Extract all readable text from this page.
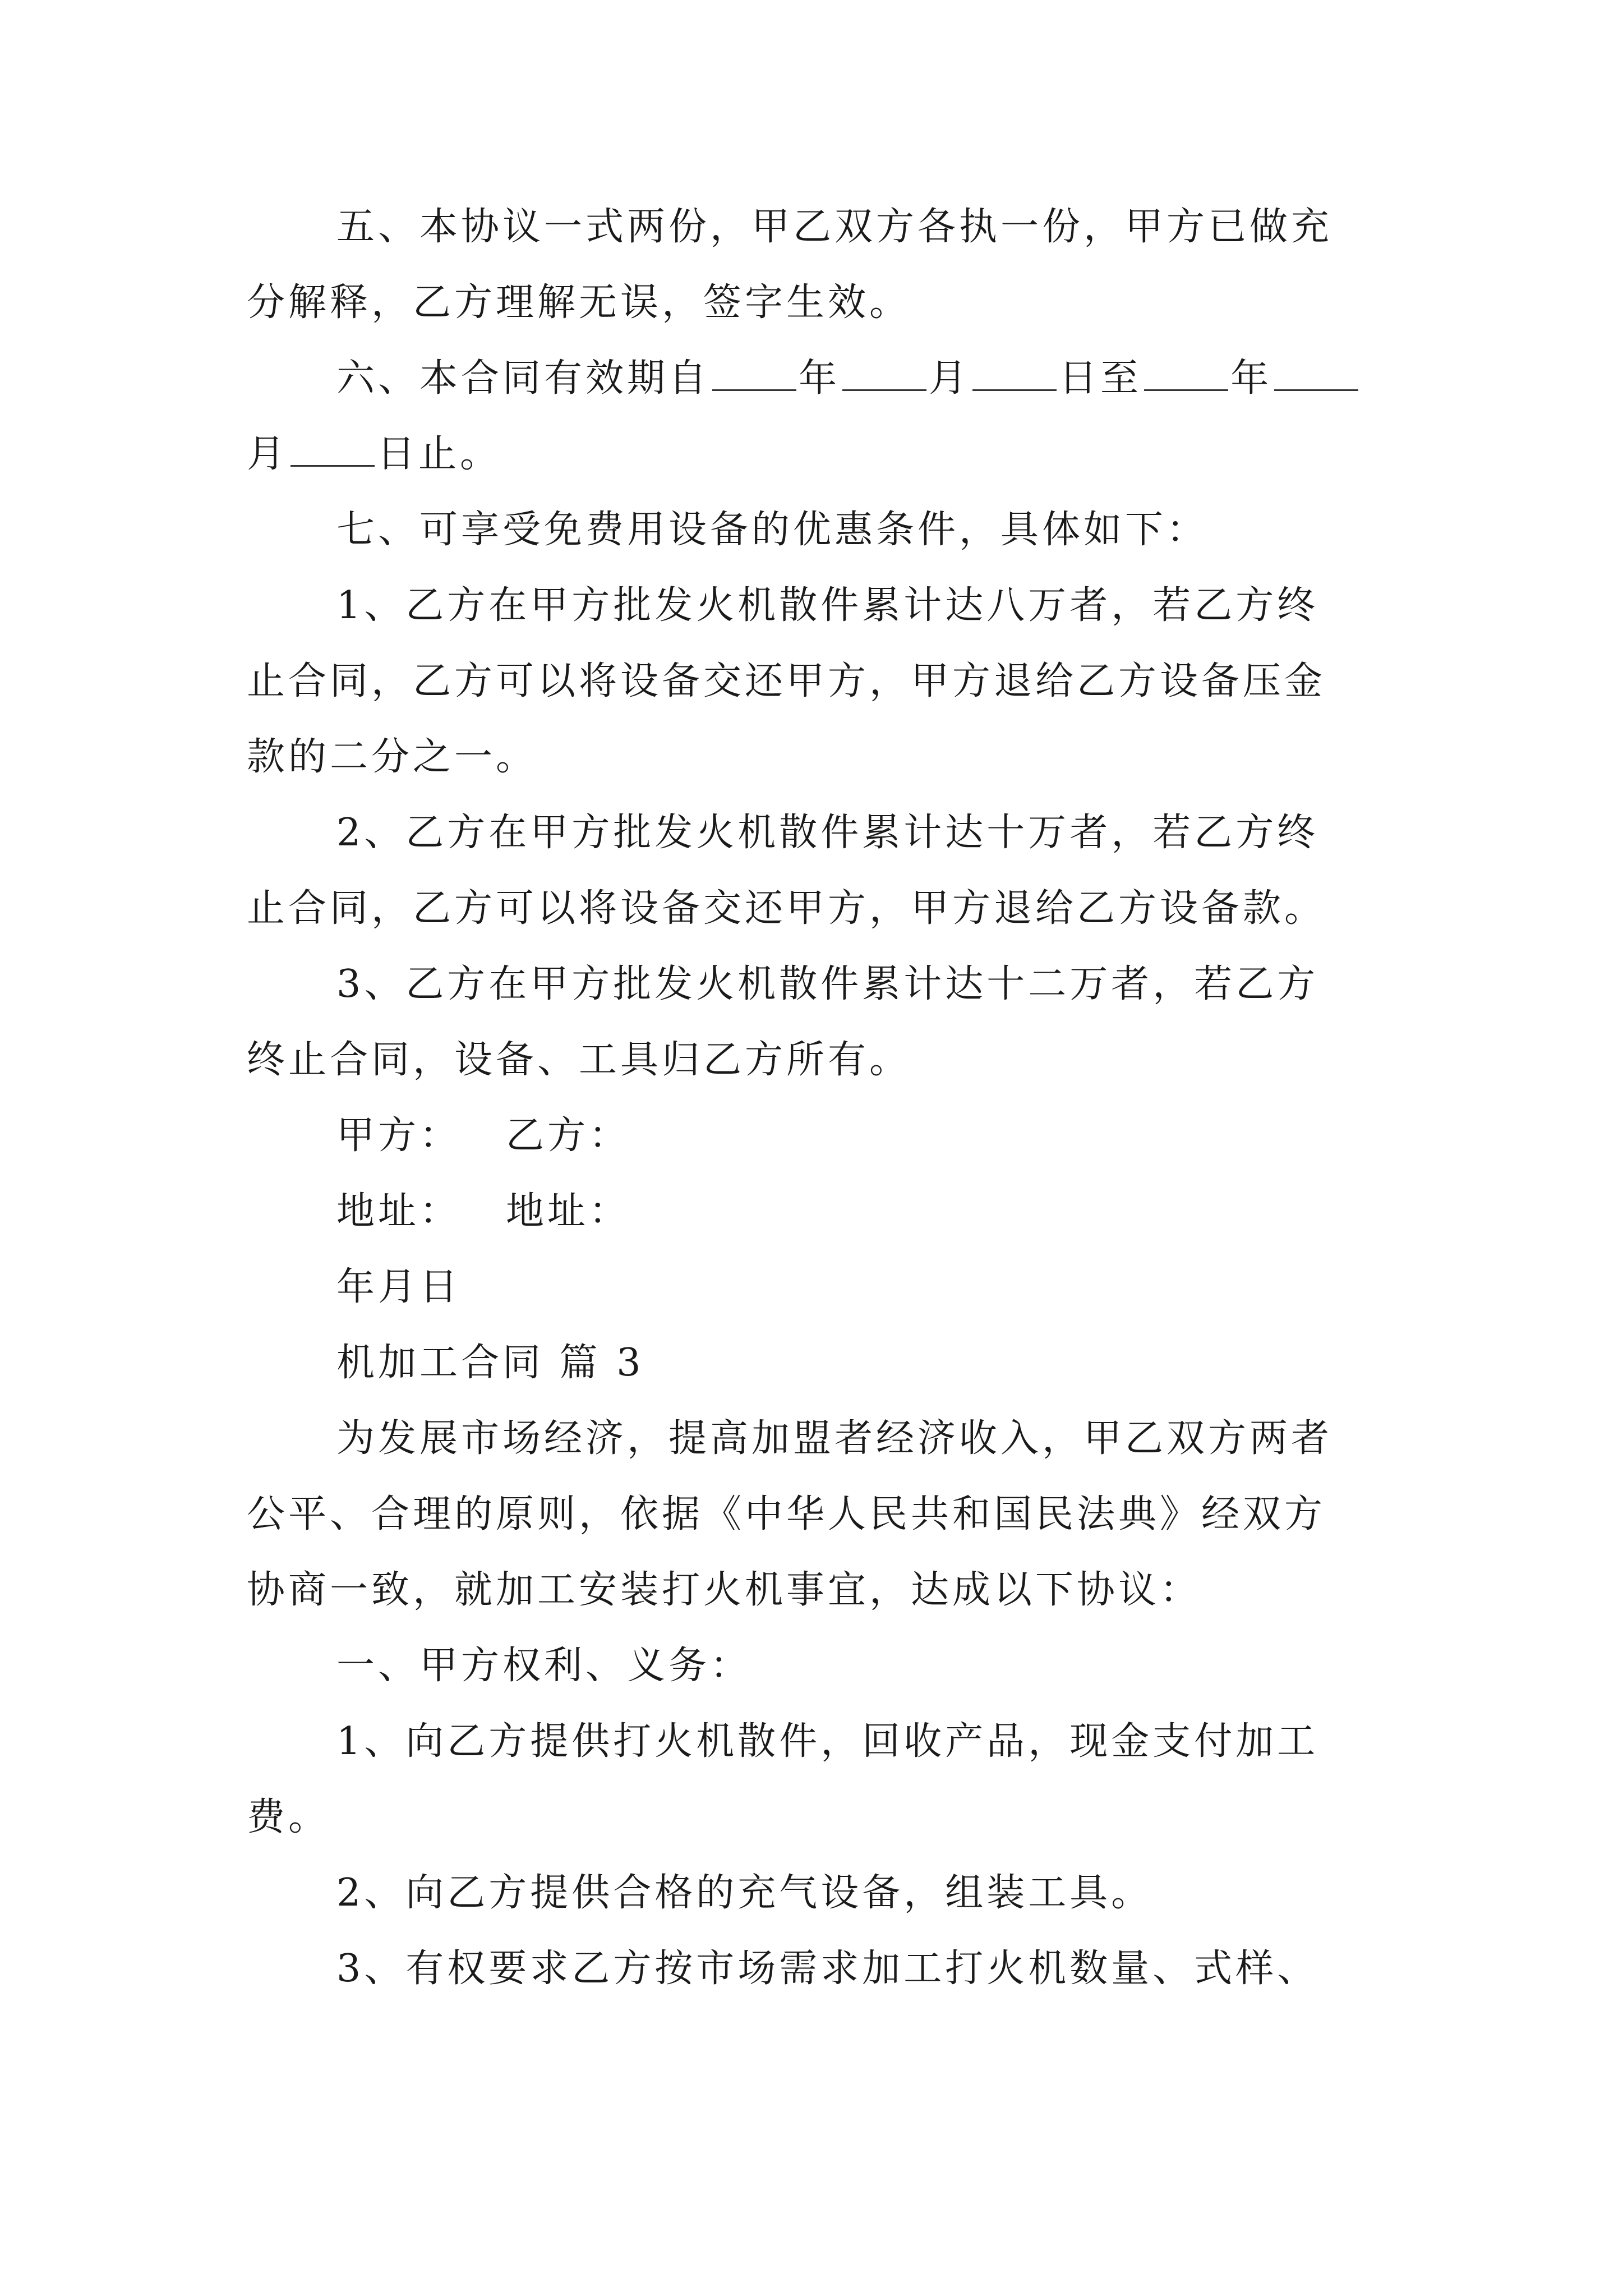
五、本协议一式两份，甲乙双方各执一份，甲方已做充
分解释，乙方理解无误，签字生效。
六、本合同有效期自 年 月 日至 年
月 日止。
七、可享受免费用设备的优惠条件，具体如下：
1、乙方在甲方批发火机散件累计达八万者，若乙方终
止合同，乙方可以将设备交还甲方，甲方退给乙方设备压金
款的二分之一。
2、乙方在甲方批发火机散件累计达十万者，若乙方终
止合同，乙方可以将设备交还甲方，甲方退给乙方设备款。
3、乙方在甲方批发火机散件累计达十二万者，若乙方
终止合同，设备、工具归乙方所有。
甲方： 乙方：
地址： 地址：
年月日
机加工合同 篇 3
为发展市场经济，提高加盟者经济收入，甲乙双方两者
公平、合理的原则，依据《中华人民共和国民法典》经双方
协商一致，就加工安装打火机事宜，达成以下协议：
一、甲方权利、义务：
1、向乙方提供打火机散件，回收产品，现金支付加工
费。
2、向乙方提供合格的充气设备，组装工具。
3、有权要求乙方按市场需求加工打火机数量、式样、
